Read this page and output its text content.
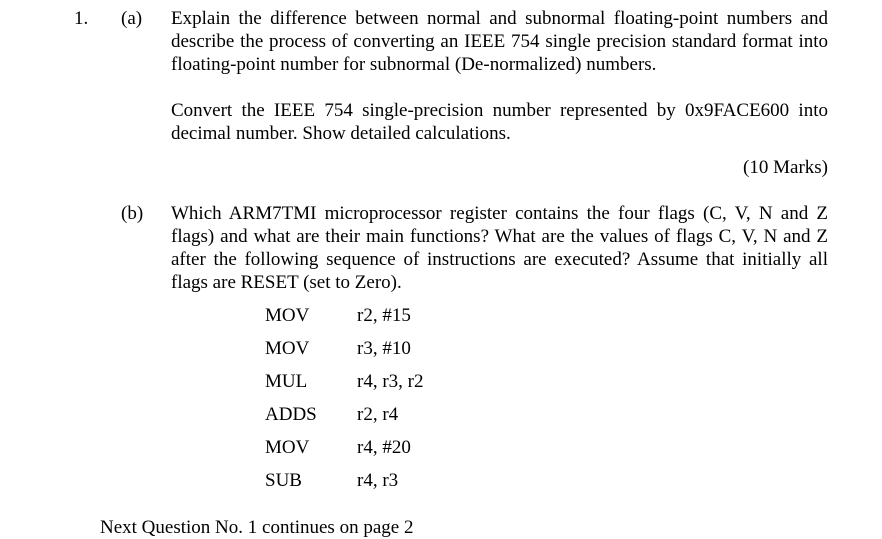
1. (a) Explain the difference between normal and subnormal floating-point numbers and describe the process of converting an IEEE 754 single precision standard format into floating-point number for subnormal (De-normalized) numbers.

Convert the IEEE 754 single-precision number represented by 0x9FACE600 into decimal number. Show detailed calculations.

(10 Marks)
(b) Which ARM7TMI microprocessor register contains the four flags (C, V, N and Z flags) and what are their main functions? What are the values of flags C, V, N and Z after the following sequence of instructions are executed? Assume that initially all flags are RESET (set to Zero).

MOV	r2, #15
MOV	r3, #10
MUL	r4, r3, r2
ADDS r2, r4
MOV	r4, #20
SUB	r4, r3
Next Question No. 1 continues on page 2
